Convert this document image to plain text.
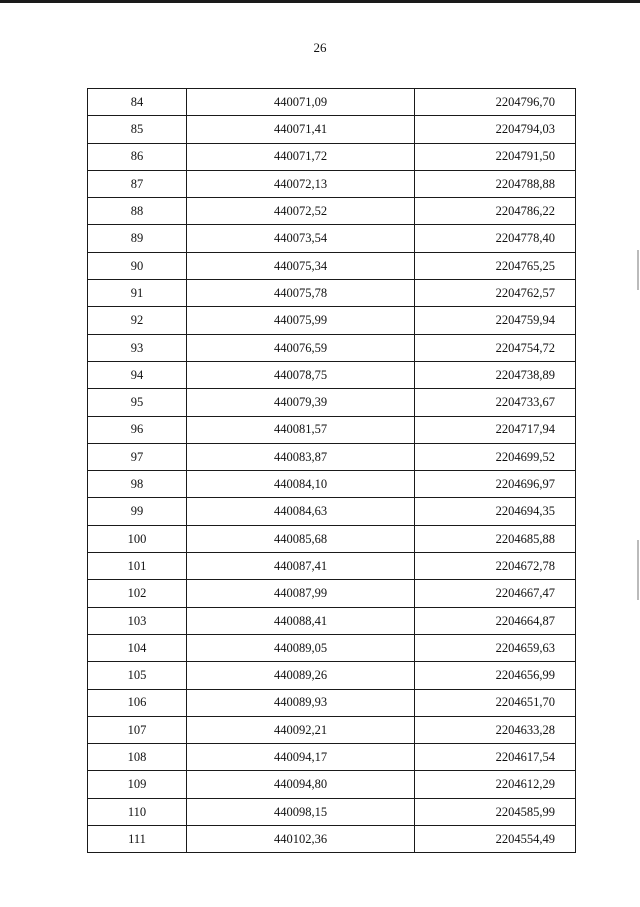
26
84	440071,09	2204796,70
85	440071,41	2204794,03
86	440071,72	2204791,50
87	440072,13	2204788,88
88	440072,52	2204786,22
89	440073,54	2204778,40
90	440075,34	2204765,25
91	440075,78	2204762,57
92	440075,99	2204759,94
93	440076,59	2204754,72
94	440078,75	2204738,89
95	440079,39	2204733,67
96	440081,57	2204717,94
97	440083,87	2204699,52
98	440084,10	2204696,97
99	440084,63	2204694,35
100	440085,68	2204685,88
101	440087,41	2204672,78
102	440087,99	2204667,47
103	440088,41	2204664,87
104	440089,05	2204659,63
105	440089,26	2204656,99
106	440089,93	2204651,70
107	440092,21	2204633,28
108	440094,17	2204617,54
109	440094,80	2204612,29
110	440098,15	2204585,99
111	440102,36	2204554,49
